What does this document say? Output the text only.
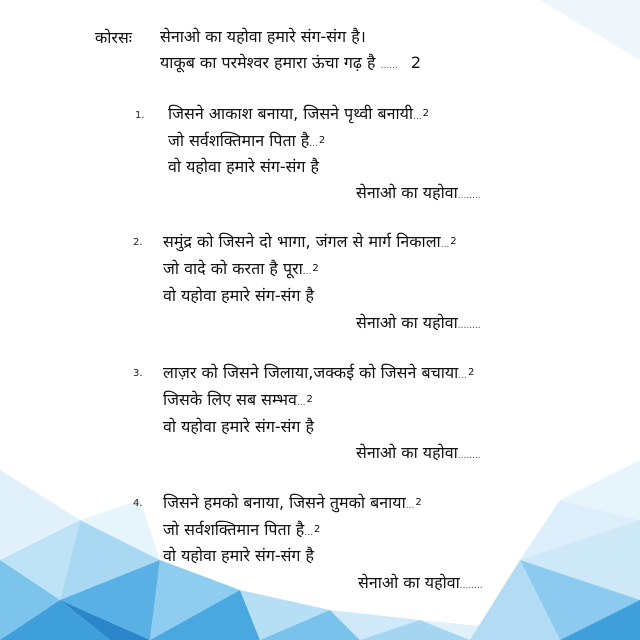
कोरसः सेनाओ का यहोवा हमारे संग-संग है।
याकूब का परमेश्वर हमारा ऊंचा गढ़ है ...... 2
1. जिसने आकाश बनाया, जिसने पृथ्वी बनायी...$^2$
जो सर्वशक्तिमान पिता है...$^2$
वो यहोवा हमारे संग-संग है
सेनाओ का यहोवा........
2. समुंद्र को जिसने दो भागा, जंगल से मार्ग निकाला...$^2$
जो वादे को करता है पूरा...$^2$
वो यहोवा हमारे संग-संग है
सेनाओ का यहोवा........
3. लाज़र को जिसने जिलाया,जक्कई को जिसने बचाया...$^2$
जिसके लिए सब सम्भव...$^2$
वो यहोवा हमारे संग-संग है
सेनाओ का यहोवा........
4. जिसने हमको बनाया, जिसने तुमको बनाया...$^2$
जो सर्वशक्तिमान पिता है...$^2$
वो यहोवा हमारे संग-संग है
सेनाओ का यहोवा........
